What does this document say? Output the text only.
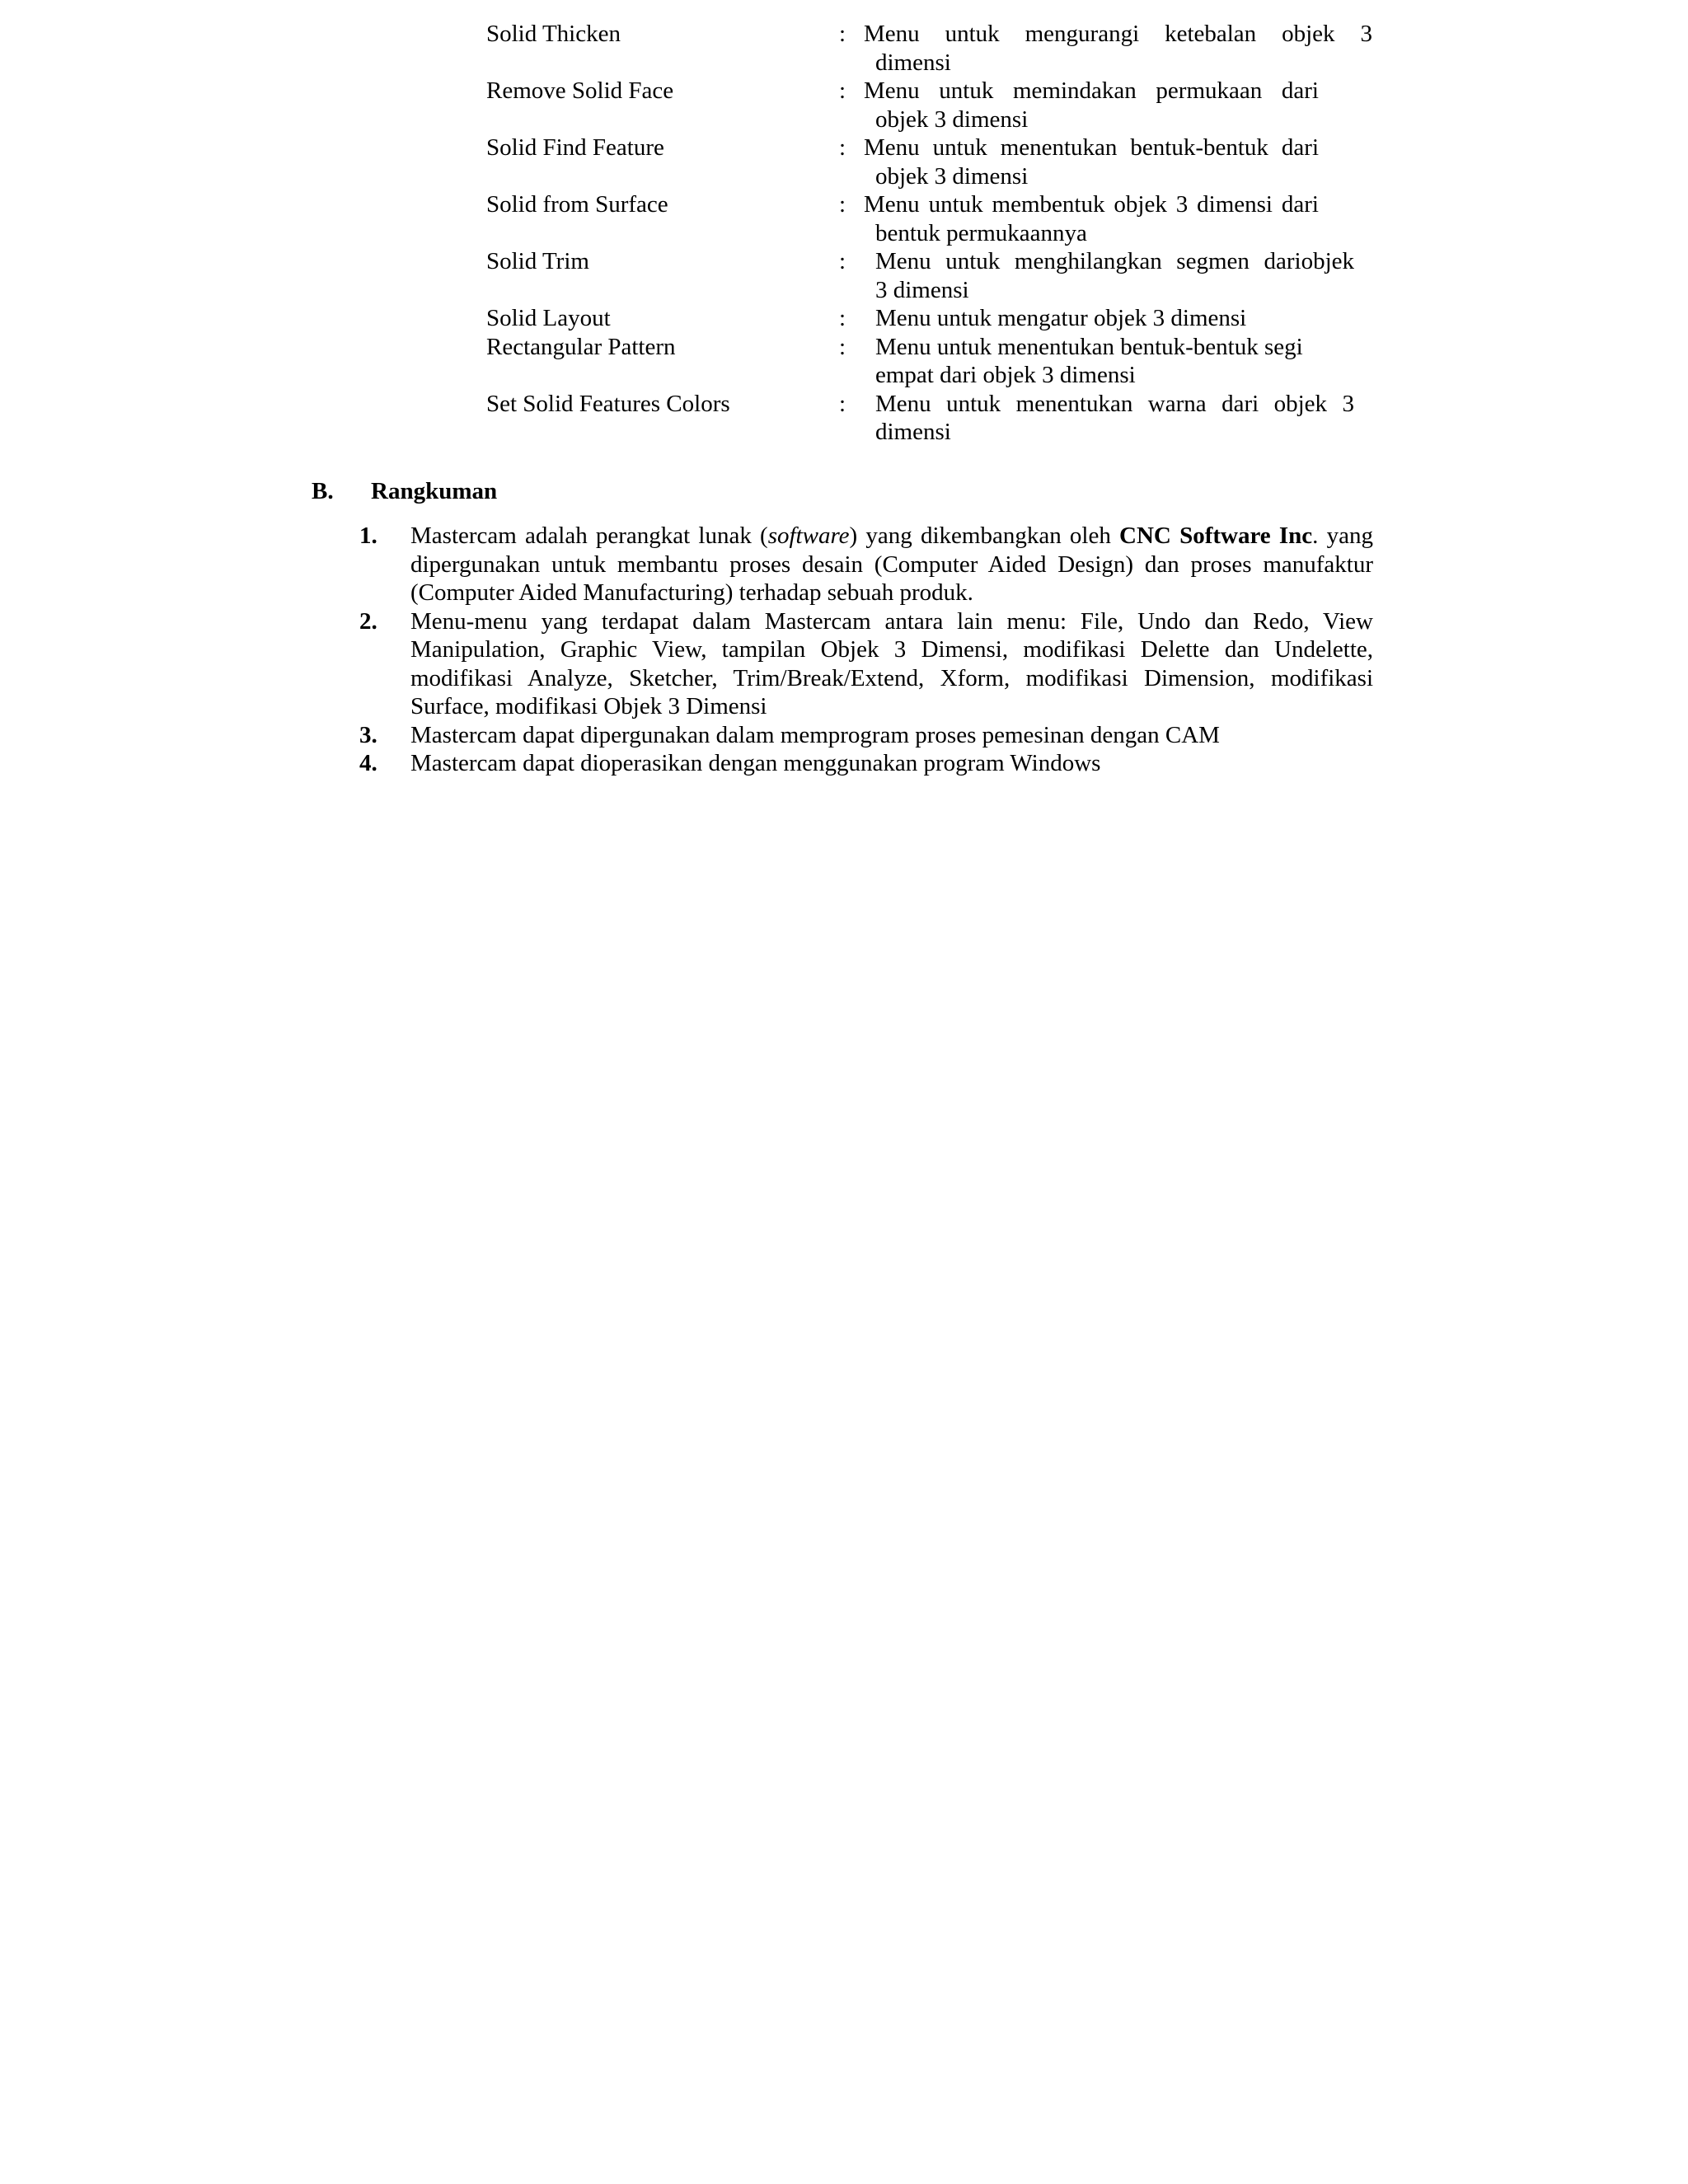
Solid Thicken	: Menu untuk mengurangi ketebalan objek 3
dimensi
Remove Solid Face	: Menu untuk memindakan permukaan dari
objek 3 dimensi
Solid Find Feature	: Menu untuk menentukan bentuk-bentuk dari
objek 3 dimensi
Solid from Surface	: Menu untuk membentuk objek 3 dimensi dari
bentuk permukaannya
Solid Trim	:	Menu untuk menghilangkan segmen dariobjek
3 dimensi
Solid Layout	:	Menu untuk mengatur objek 3 dimensi
Rectangular Pattern	:	Menu untuk menentukan bentuk-bentuk segi
empat dari objek 3 dimensi
Set Solid Features Colors	:	Menu untuk menentukan warna dari objek 3
dimensi
B.	Rangkuman
1.	Mastercam adalah perangkat lunak (software) yang dikembangkan oleh CNC Software Inc. yang dipergunakan untuk membantu proses desain (Computer Aided Design) dan proses manufaktur (Computer Aided Manufacturing) terhadap sebuah produk.
2.	Menu-menu yang terdapat dalam Mastercam antara lain menu: File, Undo dan Redo, View Manipulation, Graphic View, tampilan Objek 3 Dimensi, modifikasi Delette dan Undelette, modifikasi Analyze, Sketcher, Trim/Break/Extend, Xform, modifikasi Dimension, modifikasi Surface, modifikasi Objek 3 Dimensi
3.	Mastercam dapat dipergunakan dalam memprogram proses pemesinan dengan CAM
4.	Mastercam dapat dioperasikan dengan menggunakan program Windows
